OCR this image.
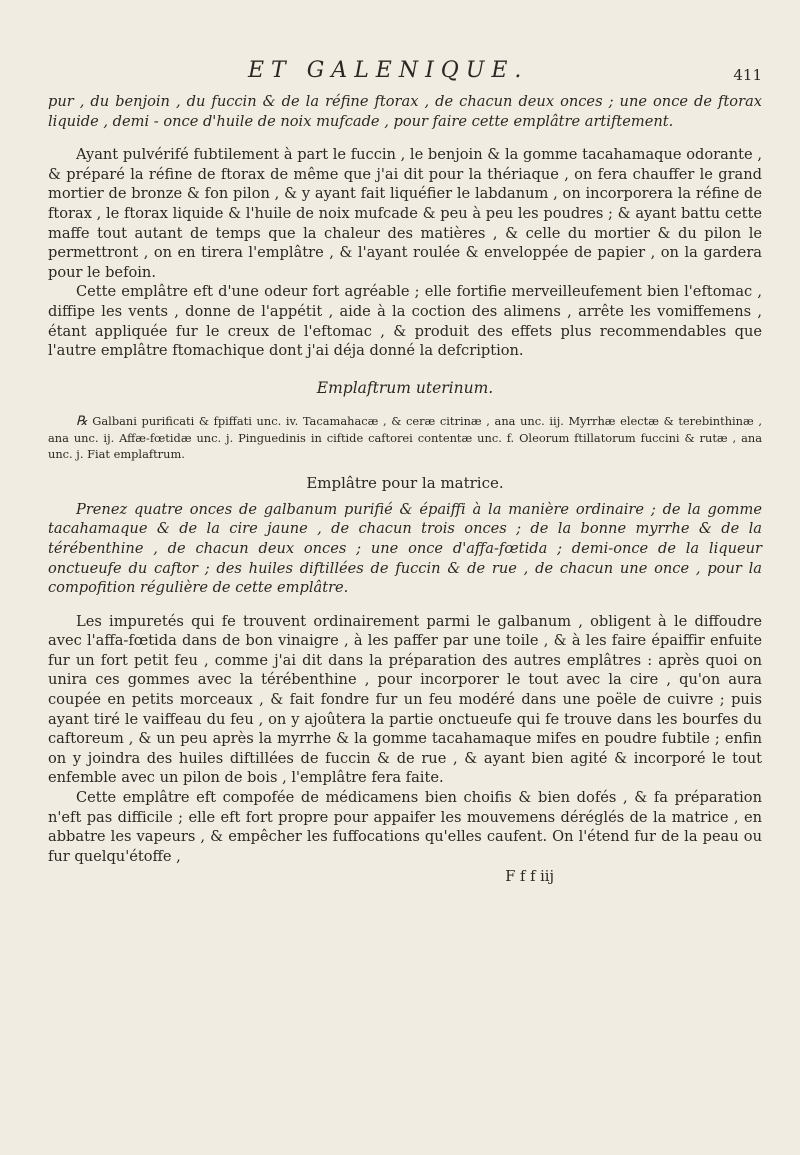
ET GALENIQUE.	411

pur , du benjoin , du fuccin & de la réfine ftorax , de chacun deux onces ; une once de ftorax liquide , demi - once d'huile de noix mufcade , pour faire cette emplâtre artiftement.

Ayant pulvérifé fubtilement à part le fuccin , le benjoin & la gomme tacahamaque odorante , & préparé la réfine de ftorax de même que j'ai dit pour la thériaque , on fera chauffer le grand mortier de bronze & fon pilon , & y ayant fait liquéfier le labdanum , on incorporera la réfine de ftorax , le ftorax liquide & l'huile de noix mufcade & peu à peu les poudres ; & ayant battu cette maffe tout autant de temps que la chaleur des matières , & celle du mortier & du pilon le permettront , on en tirera l'emplâtre , & l'ayant roulée & enveloppée de papier , on la gardera pour le befoin.

Cette emplâtre eft d'une odeur fort agréable ; elle fortifie merveilleufement bien l'eftomac , diffipe les vents , donne de l'appétit , aide à la coction des alimens , arrête les vomiffemens , étant appliquée fur le creux de l'eftomac , & produit des effets plus recommendables que l'autre emplâtre ftomachique dont j'ai déja donné la defcription.

Emplaftrum uterinum.

℞ Galbani purificati & fpiffati unc. iv. Tacamahacæ , & ceræ citrinæ , ana unc. iij. Myrrhæ electæ & terebinthinæ , ana unc. ij. Affæ-fœtidæ unc. j. Pinguedinis in ciftide caftorei contentæ unc. f. Oleorum ftillatorum fuccini & rutæ , ana unc. j. Fiat emplaftrum.

Emplâtre pour la matrice.

Prenez quatre onces de galbanum purifié & épaiffi à la manière ordinaire ; de la gomme tacahamaque & de la cire jaune , de chacun trois onces ; de la bonne myrrhe & de la térébenthine , de chacun deux onces ; une once d'affa-fœtida ; demi-once de la liqueur onctueufe du caftor ; des huiles diftillées de fuccin & de rue , de chacun une once , pour la compofition régulière de cette emplâtre.

Les impuretés qui fe trouvent ordinairement parmi le galbanum , obligent à le diffoudre avec l'affa-fœtida dans de bon vinaigre , à les paffer par une toile , & à les faire épaiffir enfuite fur un fort petit feu , comme j'ai dit dans la préparation des autres emplâtres : après quoi on unira ces gommes avec la térébenthine , pour incorporer le tout avec la cire , qu'on aura coupée en petits morceaux , & fait fondre fur un feu modéré dans une poële de cuivre ; puis ayant tiré le vaiffeau du feu , on y ajoûtera la partie onctueufe qui fe trouve dans les bourfes du caftoreum , & un peu après la myrrhe & la gomme tacahamaque mifes en poudre fubtile ; enfin on y joindra des huiles diftillées de fuccin & de rue , & ayant bien agité & incorporé le tout enfemble avec un pilon de bois , l'emplâtre fera faite.

Cette emplâtre eft compofée de médicamens bien choifis & bien dofés , & fa préparation n'eft pas difficile ; elle eft fort propre pour appaifer les mouvemens déréglés de la matrice , en abbatre les vapeurs , & empêcher les fuffocations qu'elles caufent. On l'étend fur de la peau ou fur quelqu'étoffe ,

F f f iij
